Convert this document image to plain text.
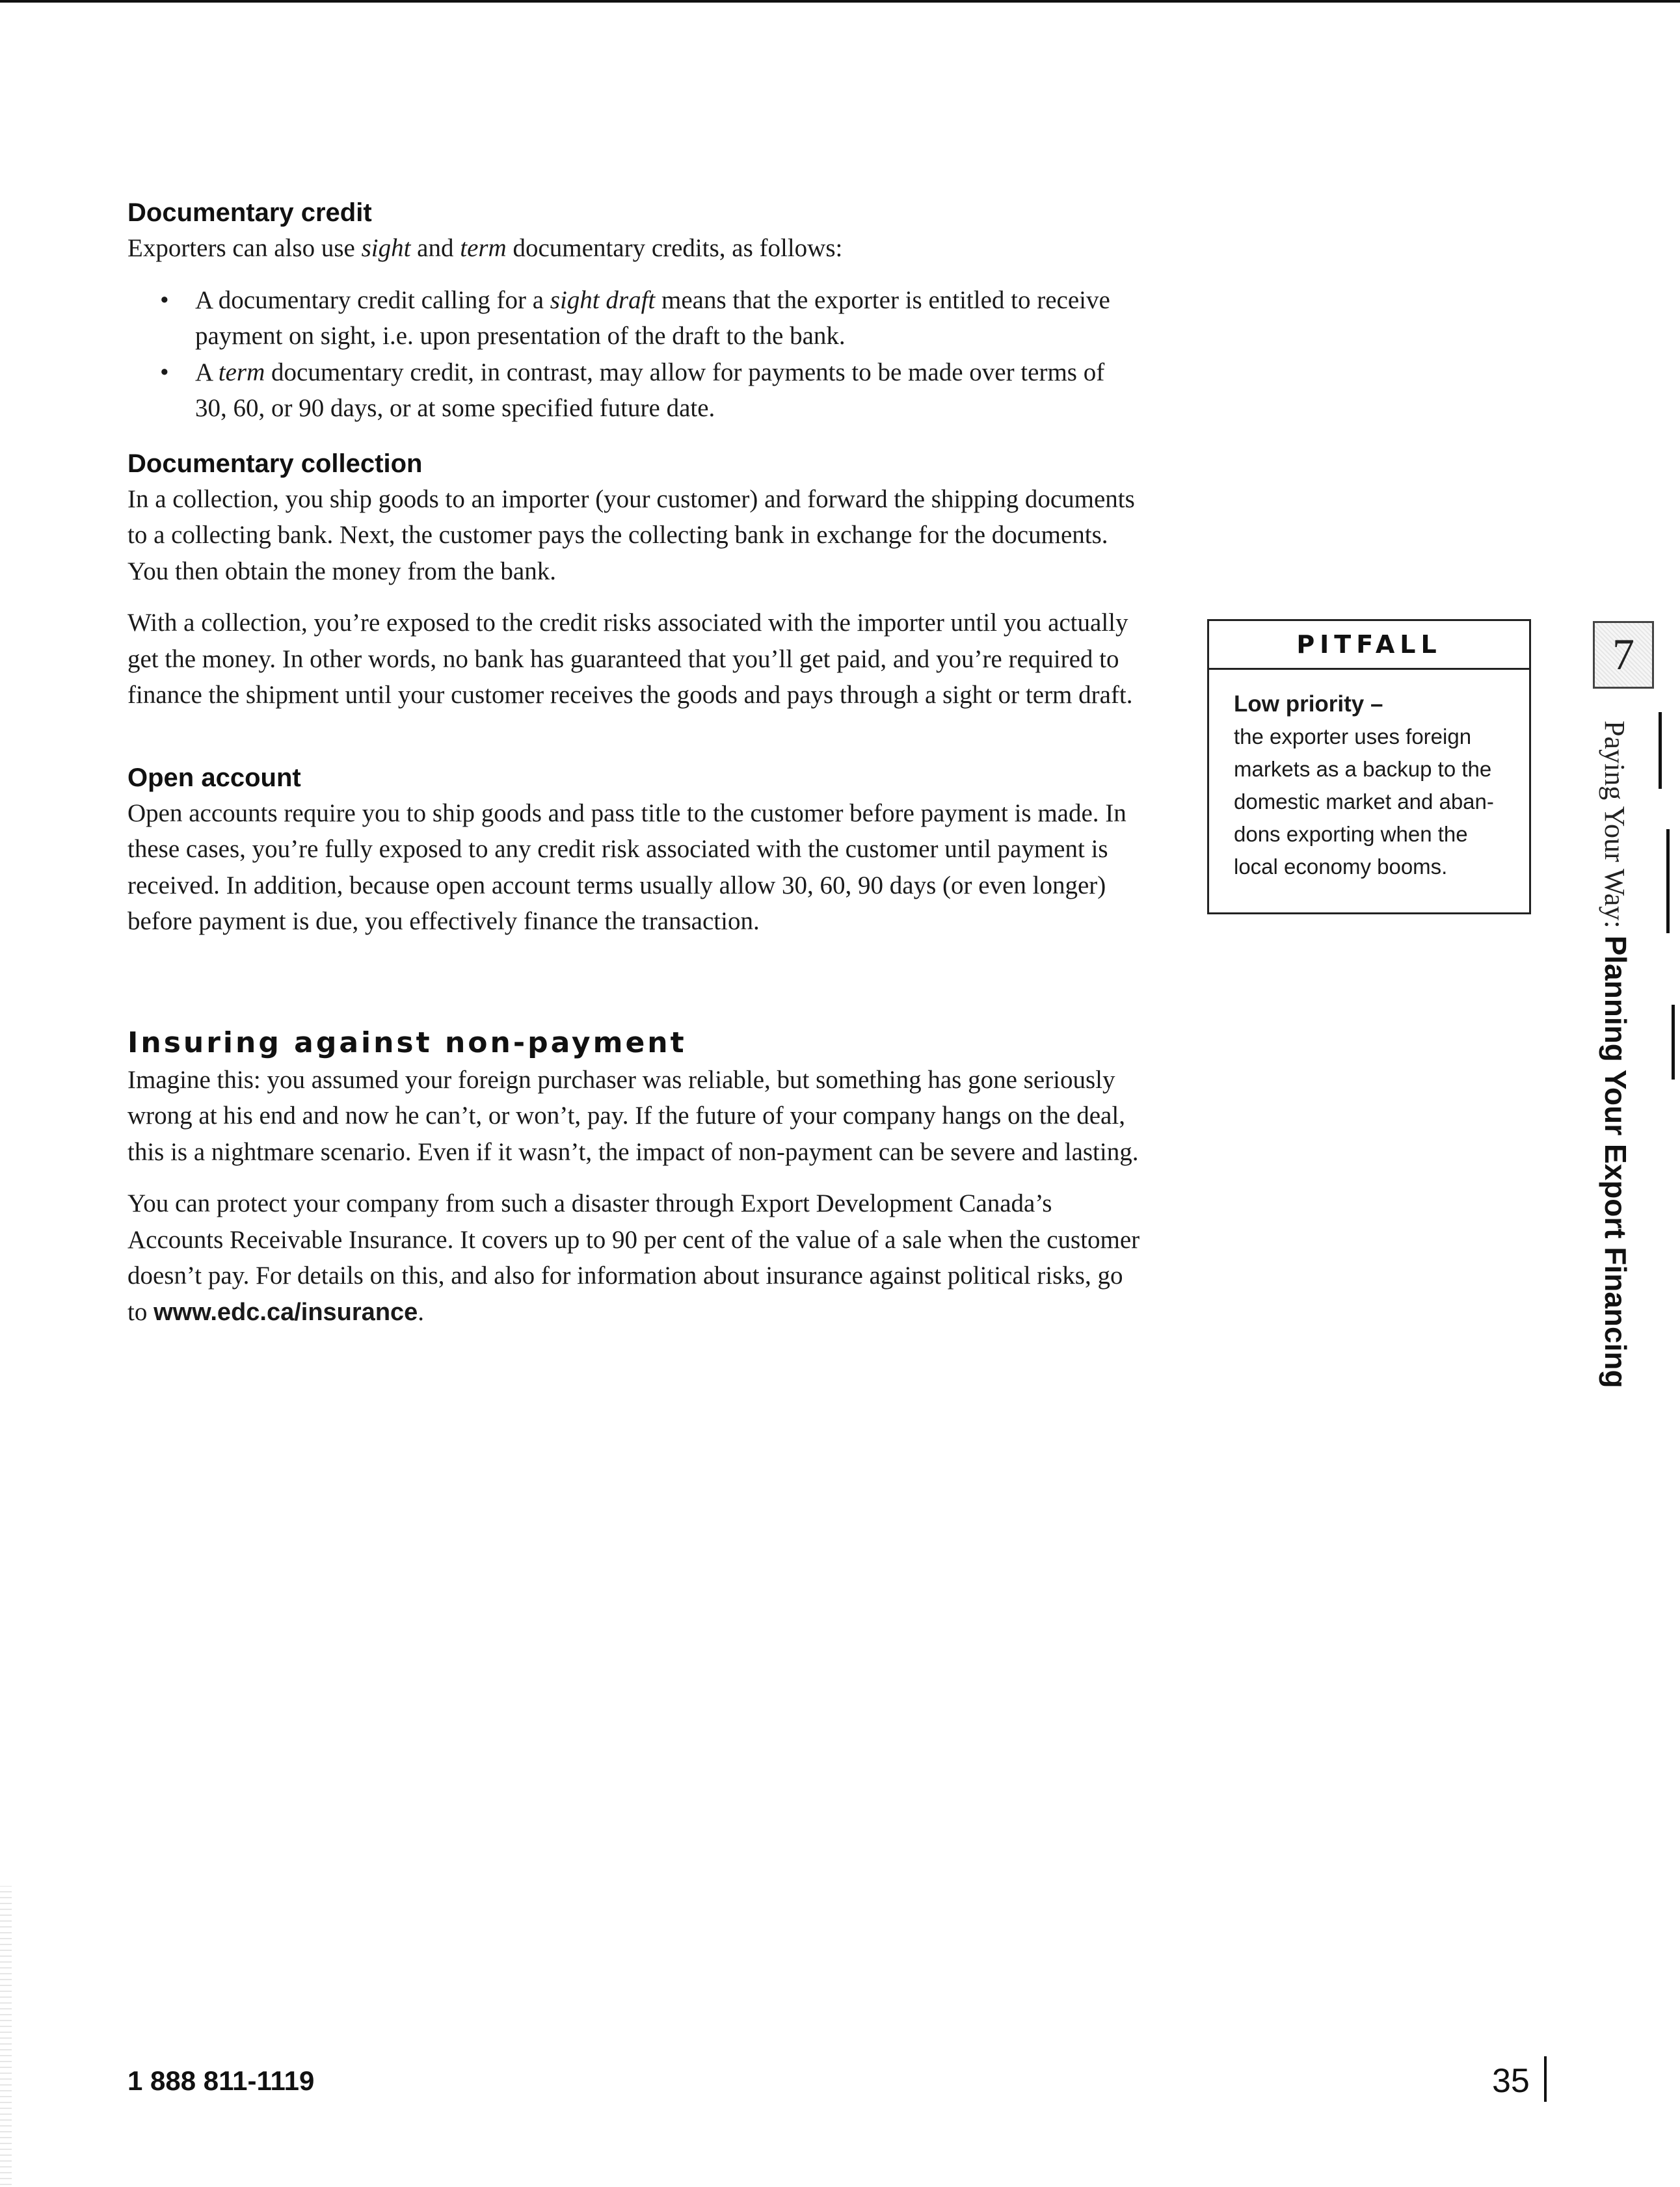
Documentary credit

Exporters can also use sight and term documentary credits, as follows:

• A documentary credit calling for a sight draft means that the exporter is entitled to receive payment on sight, i.e. upon presentation of the draft to the bank.
• A term documentary credit, in contrast, may allow for payments to be made over terms of 30, 60, or 90 days, or at some specified future date.
Documentary collection

In a collection, you ship goods to an importer (your customer) and forward the shipping documents to a collecting bank. Next, the customer pays the collecting bank in exchange for the documents. You then obtain the money from the bank.

With a collection, you’re exposed to the credit risks associated with the importer until you actually get the money. In other words, no bank has guaranteed that you’ll get paid, and you’re required to finance the shipment until your customer receives the goods and pays through a sight or term draft.

Open account

Open accounts require you to ship goods and pass title to the customer before payment is made. In these cases, you’re fully exposed to any credit risk associated with the customer until payment is received. In addition, because open account terms usually allow 30, 60, 90 days (or even longer) before payment is due, you effectively finance the transaction.

Insuring against non-payment

Imagine this: you assumed your foreign purchaser was reliable, but something has gone seriously wrong at his end and now he can’t, or won’t, pay. If the future of your company hangs on the deal, this is a nightmare scenario. Even if it wasn’t, the impact of non-payment can be severe and lasting.

You can protect your company from such a disaster through Export Development Canada’s Accounts Receivable Insurance. It covers up to 90 per cent of the value of a sale when the customer doesn’t pay. For details on this, and also for information about insurance against political risks, go to www.edc.ca/insurance.

PITFALL
Low priority –
the exporter uses foreign
markets as a backup to the
domestic market and aban-
dons exporting when the
local economy booms.
7
Paying Your Way: Planning Your Export Financing
1 888 811-1119	35
